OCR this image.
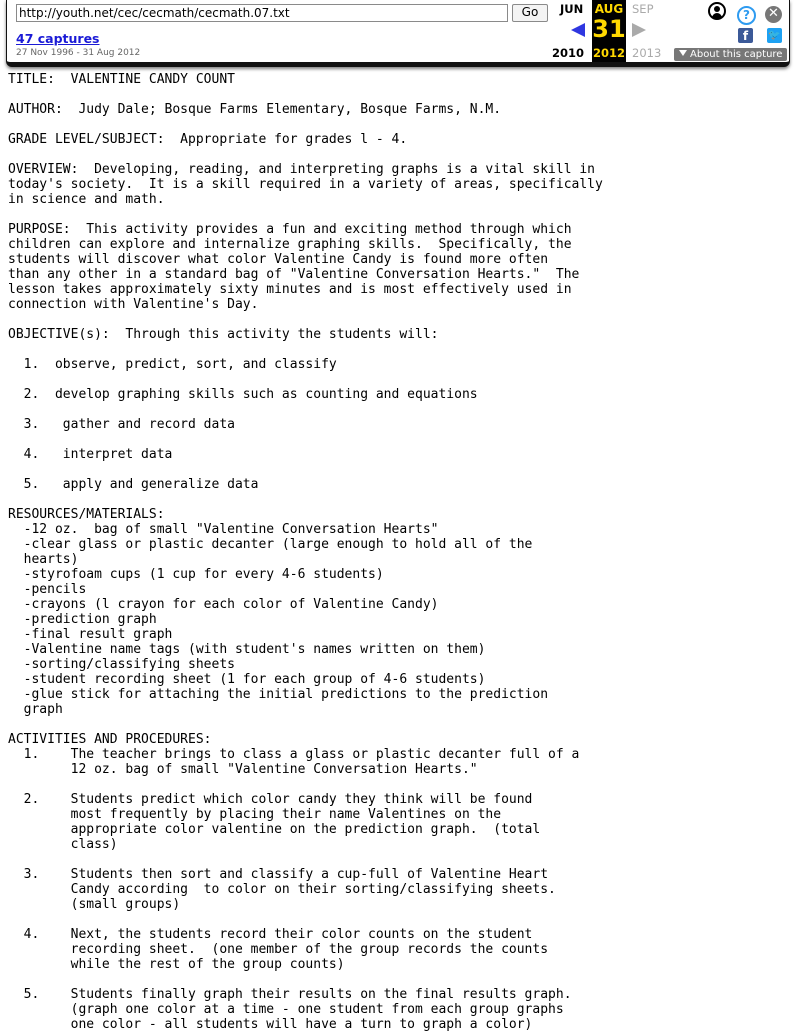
http://youth.net/cec/cecmath/cecmath.07.txt
Go
47 captures
27 Nov 1996 - 31 Aug 2012
JUN	SEP
2010	2013
AUG
31
2012
?	✕
f	🐦
About this capture
TITLE:  VALENTINE CANDY COUNT

AUTHOR:  Judy Dale; Bosque Farms Elementary, Bosque Farms, N.M.

GRADE LEVEL/SUBJECT:  Appropriate for grades l - 4.

OVERVIEW:  Developing, reading, and interpreting graphs is a vital skill in
today's society.  It is a skill required in a variety of areas, specifically
in science and math.

PURPOSE:  This activity provides a fun and exciting method through which
children can explore and internalize graphing skills.  Specifically, the
students will discover what color Valentine Candy is found more often
than any other in a standard bag of "Valentine Conversation Hearts."  The
lesson takes approximately sixty minutes and is most effectively used in
connection with Valentine's Day.

OBJECTIVE(s):  Through this activity the students will:

1.  observe, predict, sort, and classify

2.  develop graphing skills such as counting and equations

3.   gather and record data

4.   interpret data

5.   apply and generalize data

RESOURCES/MATERIALS:
-12 oz.  bag of small "Valentine Conversation Hearts"
-clear glass or plastic decanter (large enough to hold all of the
hearts)
-styrofoam cups (1 cup for every 4-6 students)
-pencils
-crayons (l crayon for each color of Valentine Candy)
-prediction graph
-final result graph
-Valentine name tags (with student's names written on them)
-sorting/classifying sheets
-student recording sheet (1 for each group of 4-6 students)
-glue stick for attaching the initial predictions to the prediction
graph

ACTIVITIES AND PROCEDURES:
1.    The teacher brings to class a glass or plastic decanter full of a
12 oz. bag of small "Valentine Conversation Hearts."

2.    Students predict which color candy they think will be found
most frequently by placing their name Valentines on the
appropriate color valentine on the prediction graph.  (total
class)

3.    Students then sort and classify a cup-full of Valentine Heart
Candy according  to color on their sorting/classifying sheets.
(small groups)

4.    Next, the students record their color counts on the student
recording sheet.  (one member of the group records the counts
while the rest of the group counts)

5.    Students finally graph their results on the final results graph.
(graph one color at a time - one student from each group graphs
one color - all students will have a turn to graph a color)
